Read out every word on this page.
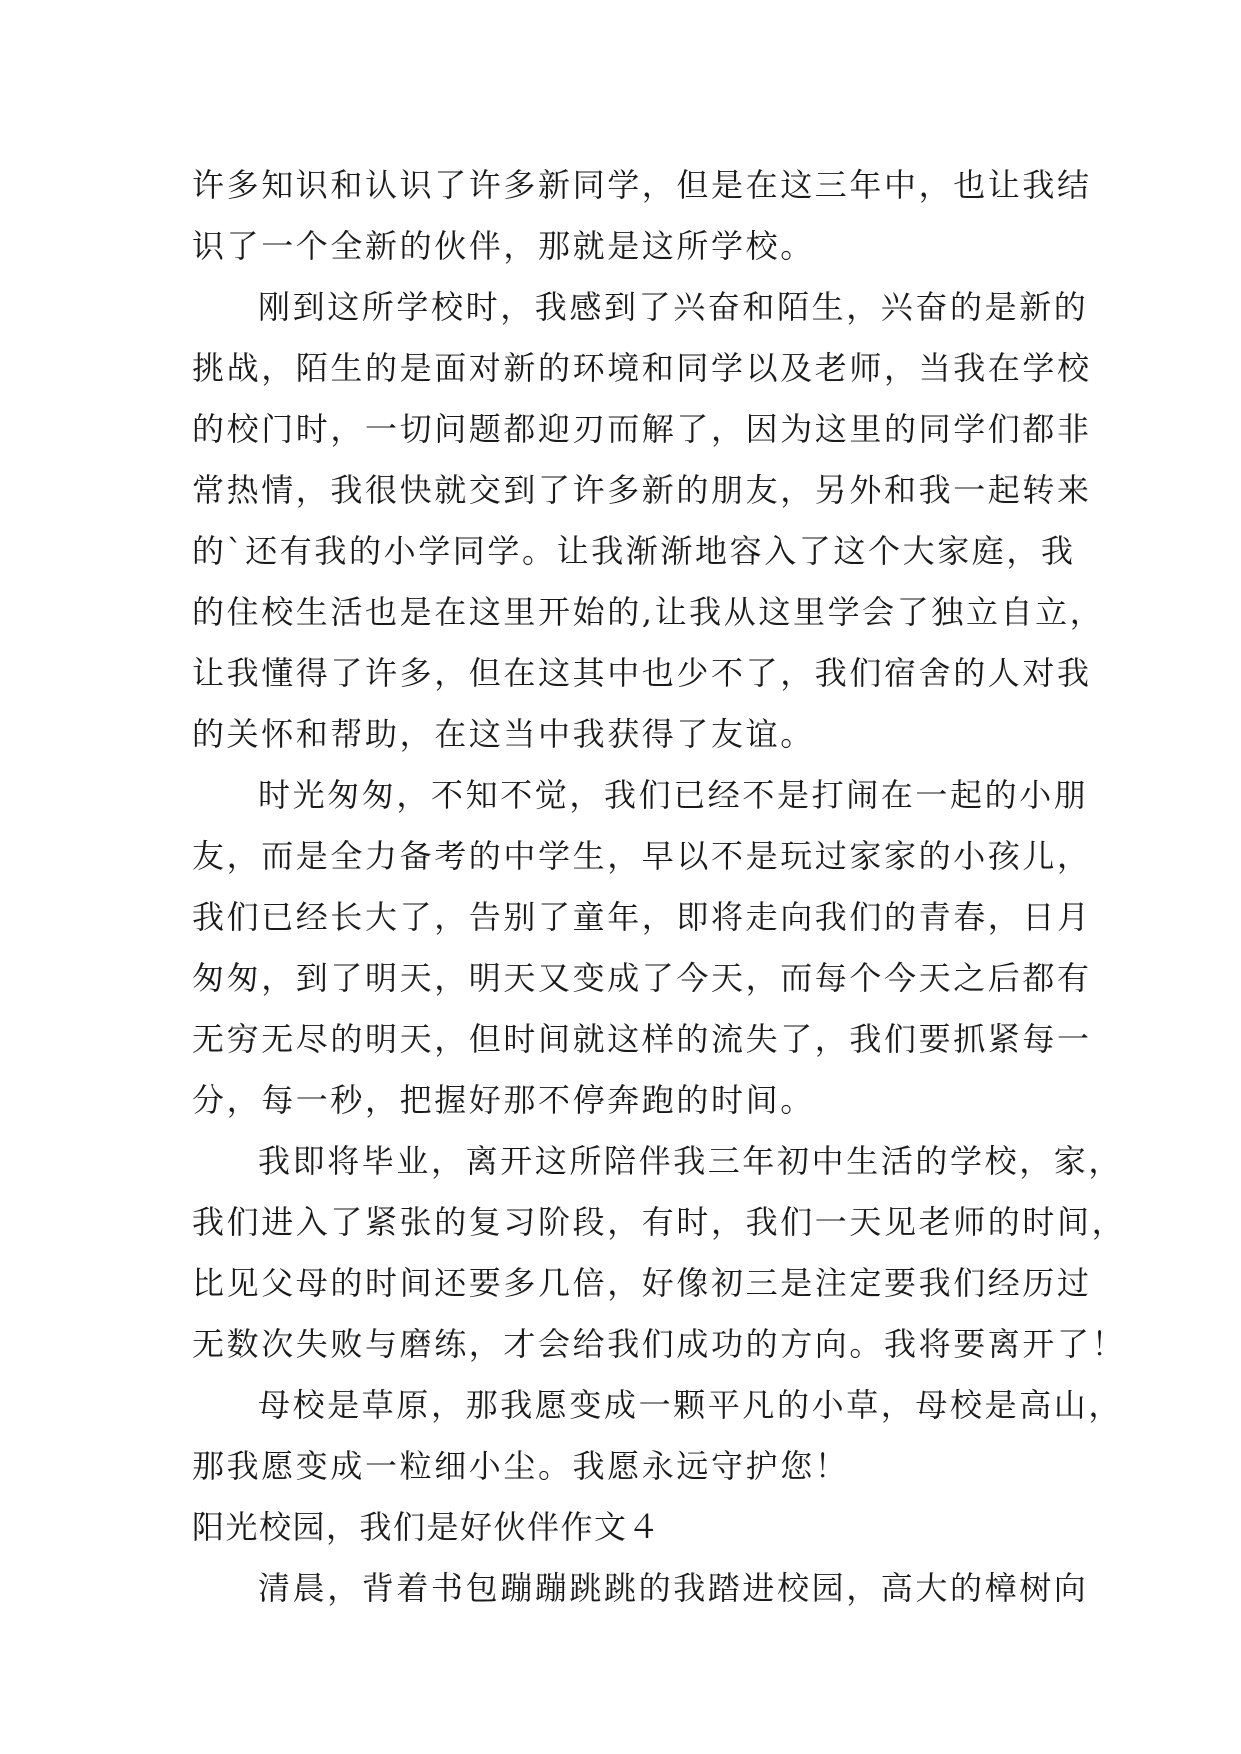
许多知识和认识了许多新同学，但是在这三年中，也让我结
识了一个全新的伙伴，那就是这所学校。
刚到这所学校时，我感到了兴奋和陌生，兴奋的是新的
挑战，陌生的是面对新的环境和同学以及老师，当我在学校
的校门时，一切问题都迎刃而解了，因为这里的同学们都非
常热情，我很快就交到了许多新的朋友，另外和我一起转来
的`还有我的小学同学。让我渐渐地容入了这个大家庭，我
的住校生活也是在这里开始的,让我从这里学会了独立自立，
让我懂得了许多，但在这其中也少不了，我们宿舍的人对我
的关怀和帮助，在这当中我获得了友谊。
时光匆匆，不知不觉，我们已经不是打闹在一起的小朋
友，而是全力备考的中学生，早以不是玩过家家的小孩儿，
我们已经长大了，告别了童年，即将走向我们的青春，日月
匆匆，到了明天，明天又变成了今天，而每个今天之后都有
无穷无尽的明天，但时间就这样的流失了，我们要抓紧每一
分，每一秒，把握好那不停奔跑的时间。
我即将毕业，离开这所陪伴我三年初中生活的学校，家，
我们进入了紧张的复习阶段，有时，我们一天见老师的时间，
比见父母的时间还要多几倍，好像初三是注定要我们经历过
无数次失败与磨练，才会给我们成功的方向。我将要离开了！
母校是草原，那我愿变成一颗平凡的小草，母校是高山，
那我愿变成一粒细小尘。我愿永远守护您！
阳光校园，我们是好伙伴作文４
清晨，背着书包蹦蹦跳跳的我踏进校园，高大的樟树向
